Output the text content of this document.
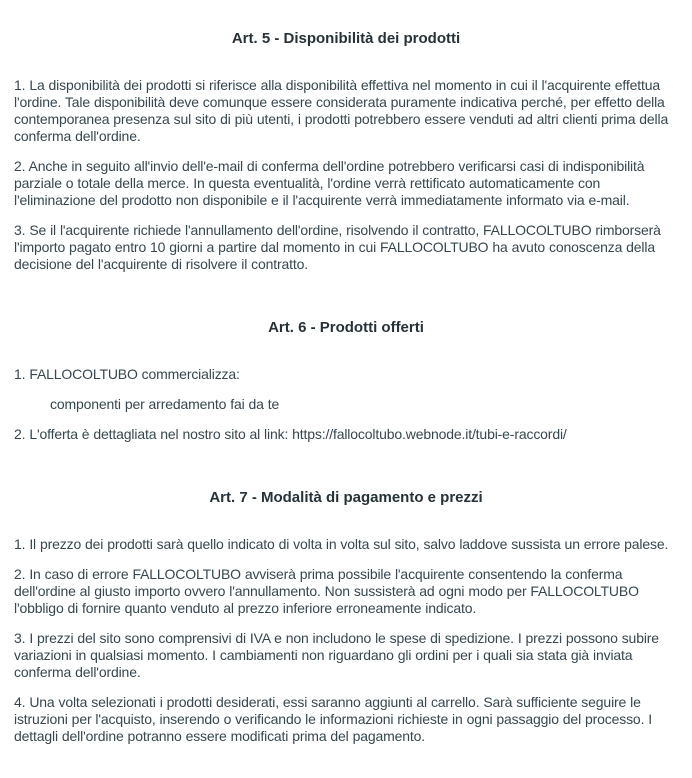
Art. 5 - Disponibilità dei prodotti

1. La disponibilità dei prodotti si riferisce alla disponibilità effettiva nel momento in cui il l'acquirente effettua l'ordine. Tale disponibilità deve comunque essere considerata puramente indicativa perché, per effetto della contemporanea presenza sul sito di più utenti, i prodotti potrebbero essere venduti ad altri clienti prima della conferma dell'ordine.

2. Anche in seguito all'invio dell'e-mail di conferma dell'ordine potrebbero verificarsi casi di indisponibilità parziale o totale della merce. In questa eventualità, l'ordine verrà rettificato automaticamente con l'eliminazione del prodotto non disponibile e il l'acquirente verrà immediatamente informato via e-mail.

3. Se il l'acquirente richiede l'annullamento dell'ordine, risolvendo il contratto, FALLOCOLTUBO rimborserà l'importo pagato entro 10 giorni a partire dal momento in cui FALLOCOLTUBO ha avuto conoscenza della decisione del l'acquirente di risolvere il contratto.

Art. 6 - Prodotti offerti

1. FALLOCOLTUBO commercializza:

componenti per arredamento fai da te

2. L'offerta è dettagliata nel nostro sito al link: https://fallocoltubo.webnode.it/tubi-e-raccordi/

Art. 7 - Modalità di pagamento e prezzi

1. Il prezzo dei prodotti sarà quello indicato di volta in volta sul sito, salvo laddove sussista un errore palese.

2. In caso di errore FALLOCOLTUBO avviserà prima possibile l'acquirente consentendo la conferma dell'ordine al giusto importo ovvero l'annullamento. Non sussisterà ad ogni modo per FALLOCOLTUBO l'obbligo di fornire quanto venduto al prezzo inferiore erroneamente indicato.

3. I prezzi del sito sono comprensivi di IVA e non includono le spese di spedizione. I prezzi possono subire variazioni in qualsiasi momento. I cambiamenti non riguardano gli ordini per i quali sia stata già inviata conferma dell'ordine.

4. Una volta selezionati i prodotti desiderati, essi saranno aggiunti al carrello. Sarà sufficiente seguire le istruzioni per l'acquisto, inserendo o verificando le informazioni richieste in ogni passaggio del processo. I dettagli dell'ordine potranno essere modificati prima del pagamento.
